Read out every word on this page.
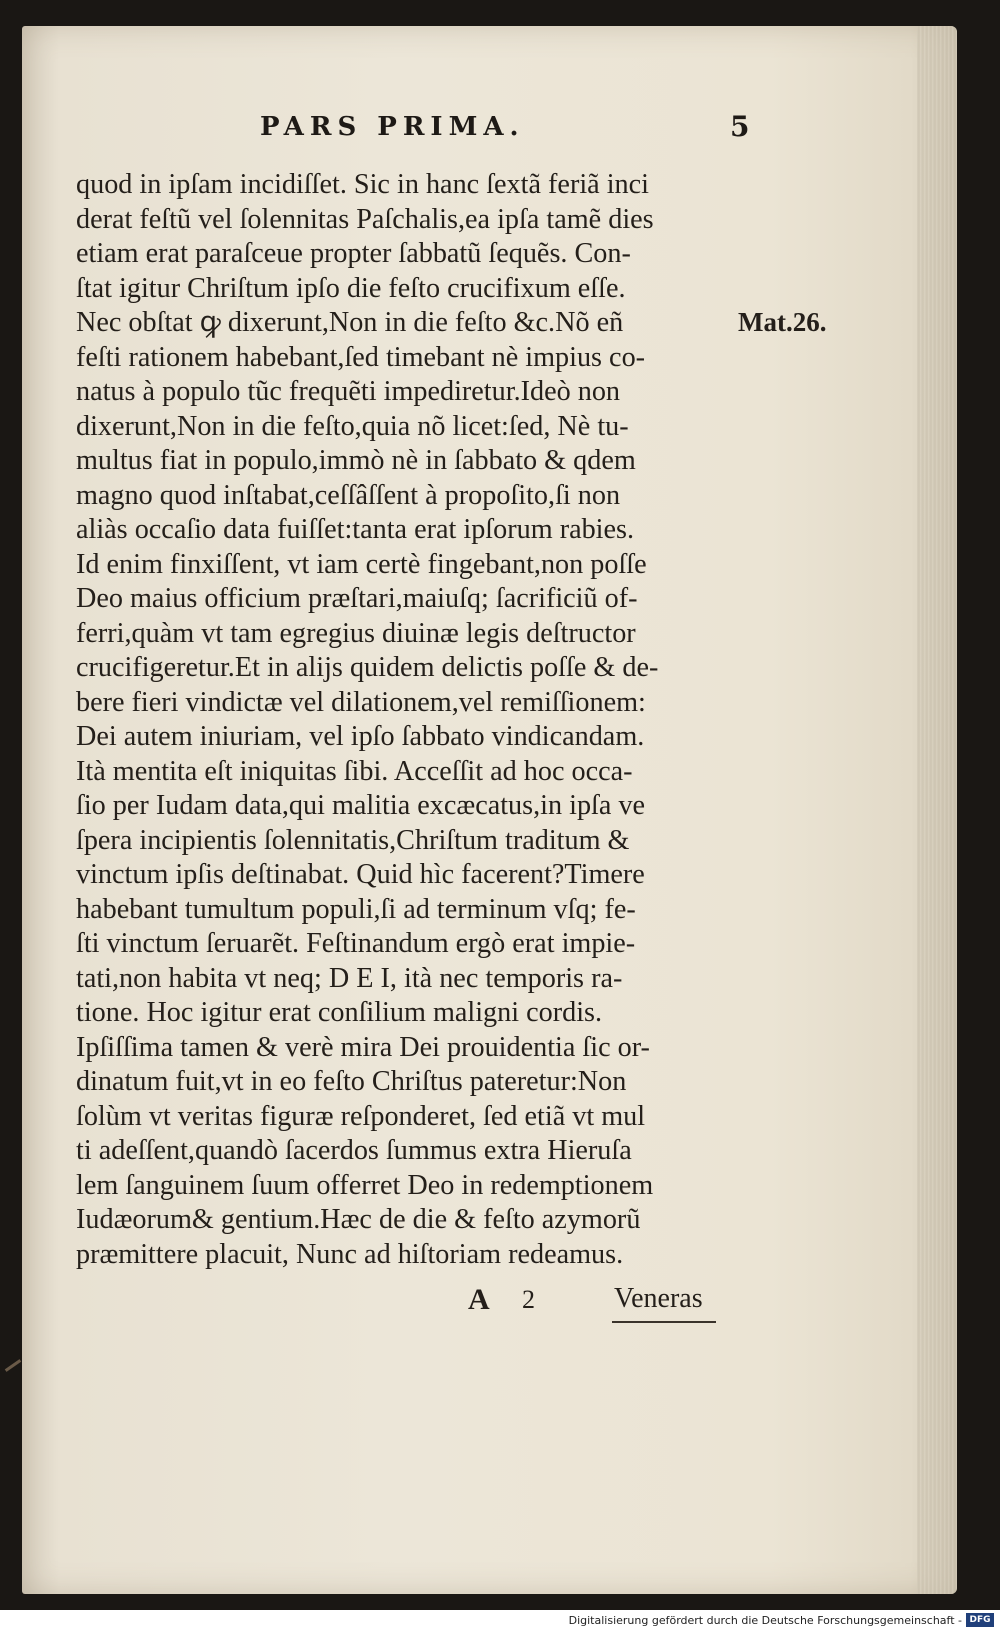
PARS PRIMA.	5
quod in ipſam incidiſſet. Sic in hanc ſextã feriã inci
derat feſtũ vel ſolennitas Paſchalis,ea ipſa tamẽ dies
etiam erat paraſceue propter ſabbatũ ſequẽs. Con-
ſtat igitur Chriſtum ipſo die feſto crucifixum eſſe.
Nec obſtat ꝙ dixerunt,Non in die feſto &c.Nõ eñ
feſti rationem habebant,ſed timebant nè impius co-
natus à populo tũc frequẽti impediretur.Ideò non
dixerunt,Non in die feſto,quia nõ licet:ſed, Nè tu-
multus fiat in populo,immò nè in ſabbato & qdem
magno quod inſtabat,ceſſâſſent à propoſito,ſi non
aliàs occaſio data fuiſſet:tanta erat ipſorum rabies.
Id enim finxiſſent, vt iam certè fingebant,non poſſe
Deo maius officium præſtari,maiuſq; ſacrificiũ of-
ferri,quàm vt tam egregius diuinæ legis deſtructor
crucifigeretur.Et in alijs quidem delictis poſſe & de-
bere fieri vindictæ vel dilationem,vel remiſſionem:
Dei autem iniuriam, vel ipſo ſabbato vindicandam.
Ità mentita eſt iniquitas ſibi. Acceſſit ad hoc occa-
ſio per Iudam data,qui malitia excæcatus,in ipſa ve
ſpera incipientis ſolennitatis,Chriſtum traditum &
vinctum ipſis deſtinabat. Quid hìc facerent?Timere
habebant tumultum populi,ſi ad terminum vſq; fe-
ſti vinctum ſeruarẽt. Feſtinandum ergò erat impie-
tati,non habita vt neq; D E I, ità nec temporis ra-
tione. Hoc igitur erat conſilium maligni cordis.
Ipſiſſima tamen & verè mira Dei prouidentia ſic or-
dinatum fuit,vt in eo feſto Chriſtus pateretur:Non
ſolùm vt veritas figuræ reſponderet, ſed etiã vt mul
ti adeſſent,quandò ſacerdos ſummus extra Hieruſa
lem ſanguinem ſuum offerret Deo in redemptionem
Iudæorum& gentium.Hæc de die & feſto azymorũ
præmittere placuit, Nunc ad hiſtoriam redeamus.
Mat.26.
A 2	Veneras
Digitalisierung gefördert durch die Deutsche Forschungsgemeinschaft - DFG
